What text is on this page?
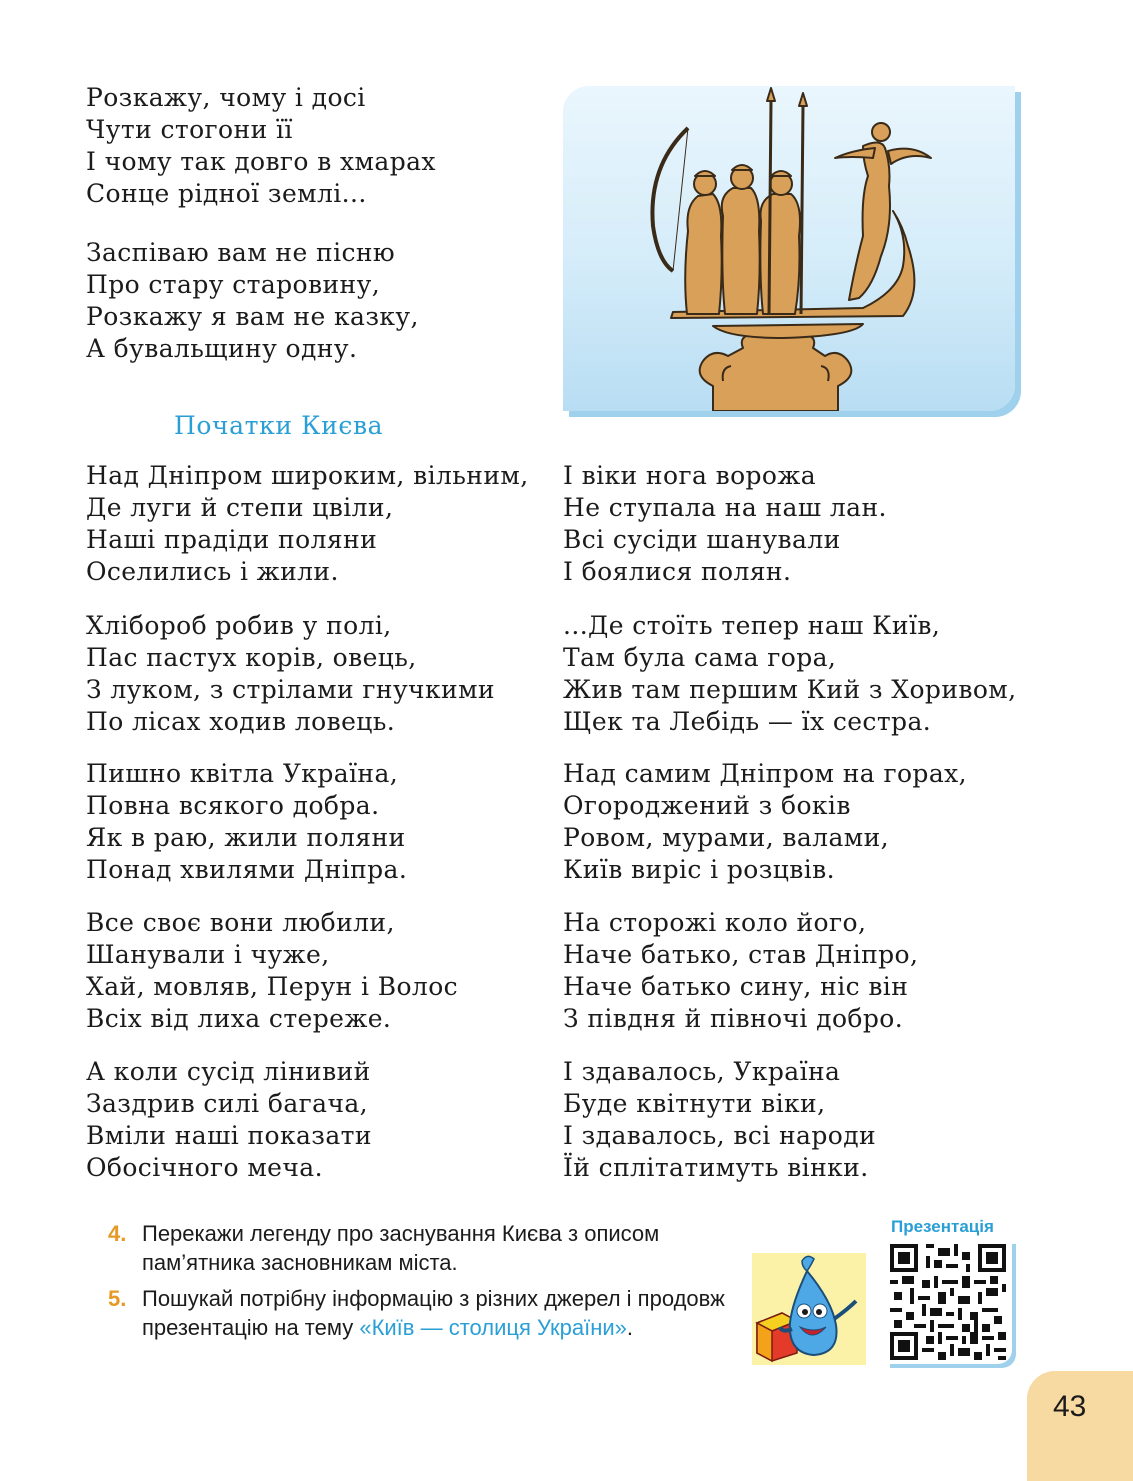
Розкажу, чому і досі
Чути стогони її
І чому так довго в хмарах
Сонце рідної землі...
Заспіваю вам не пісню
Про стару старовину,
Розкажу я вам не казку,
А бувальщину одну.
Початки Києва
Над Дніпром широким, вільним,
Де луги й степи цвіли,
Наші прадіди поляни
Оселились і жили.
Хлібороб робив у полі,
Пас пастух корів, овець,
З луком, з стрілами гнучкими
По лісах ходив ловець.
Пишно квітла Україна,
Повна всякого добра.
Як в раю, жили поляни
Понад хвилями Дніпра.
Все своє вони любили,
Шанували і чуже,
Хай, мовляв, Перун і Волос
Всіх від лиха стереже.
А коли сусід лінивий
Заздрив силі багача,
Вміли наші показати
Обосічного меча.
І віки нога ворожа
Не ступала на наш лан.
Всі сусіди шанували
І боялися полян.
...Де стоїть тепер наш Київ,
Там була сама гора,
Жив там першим Кий з Хоривом,
Щек та Лебідь — їх сестра.
Над самим Дніпром на горах,
Огороджений з боків
Ровом, мурами, валами,
Київ виріс і розцвів.
На сторожі коло його,
Наче батько, став Дніпро,
Наче батько сину, ніс він
З півдня й півночі добро.
І здавалось, Україна
Буде квітнути віки,
І здавалось, всі народи
Їй сплітатимуть вінки.
4. Перекажи легенду про заснування Києва з описом пам’ятника засновникам міста.
5. Пошукай потрібну інформацію з різних джерел і продовж презентацію на тему «Київ — столиця України».
Презентація
43
